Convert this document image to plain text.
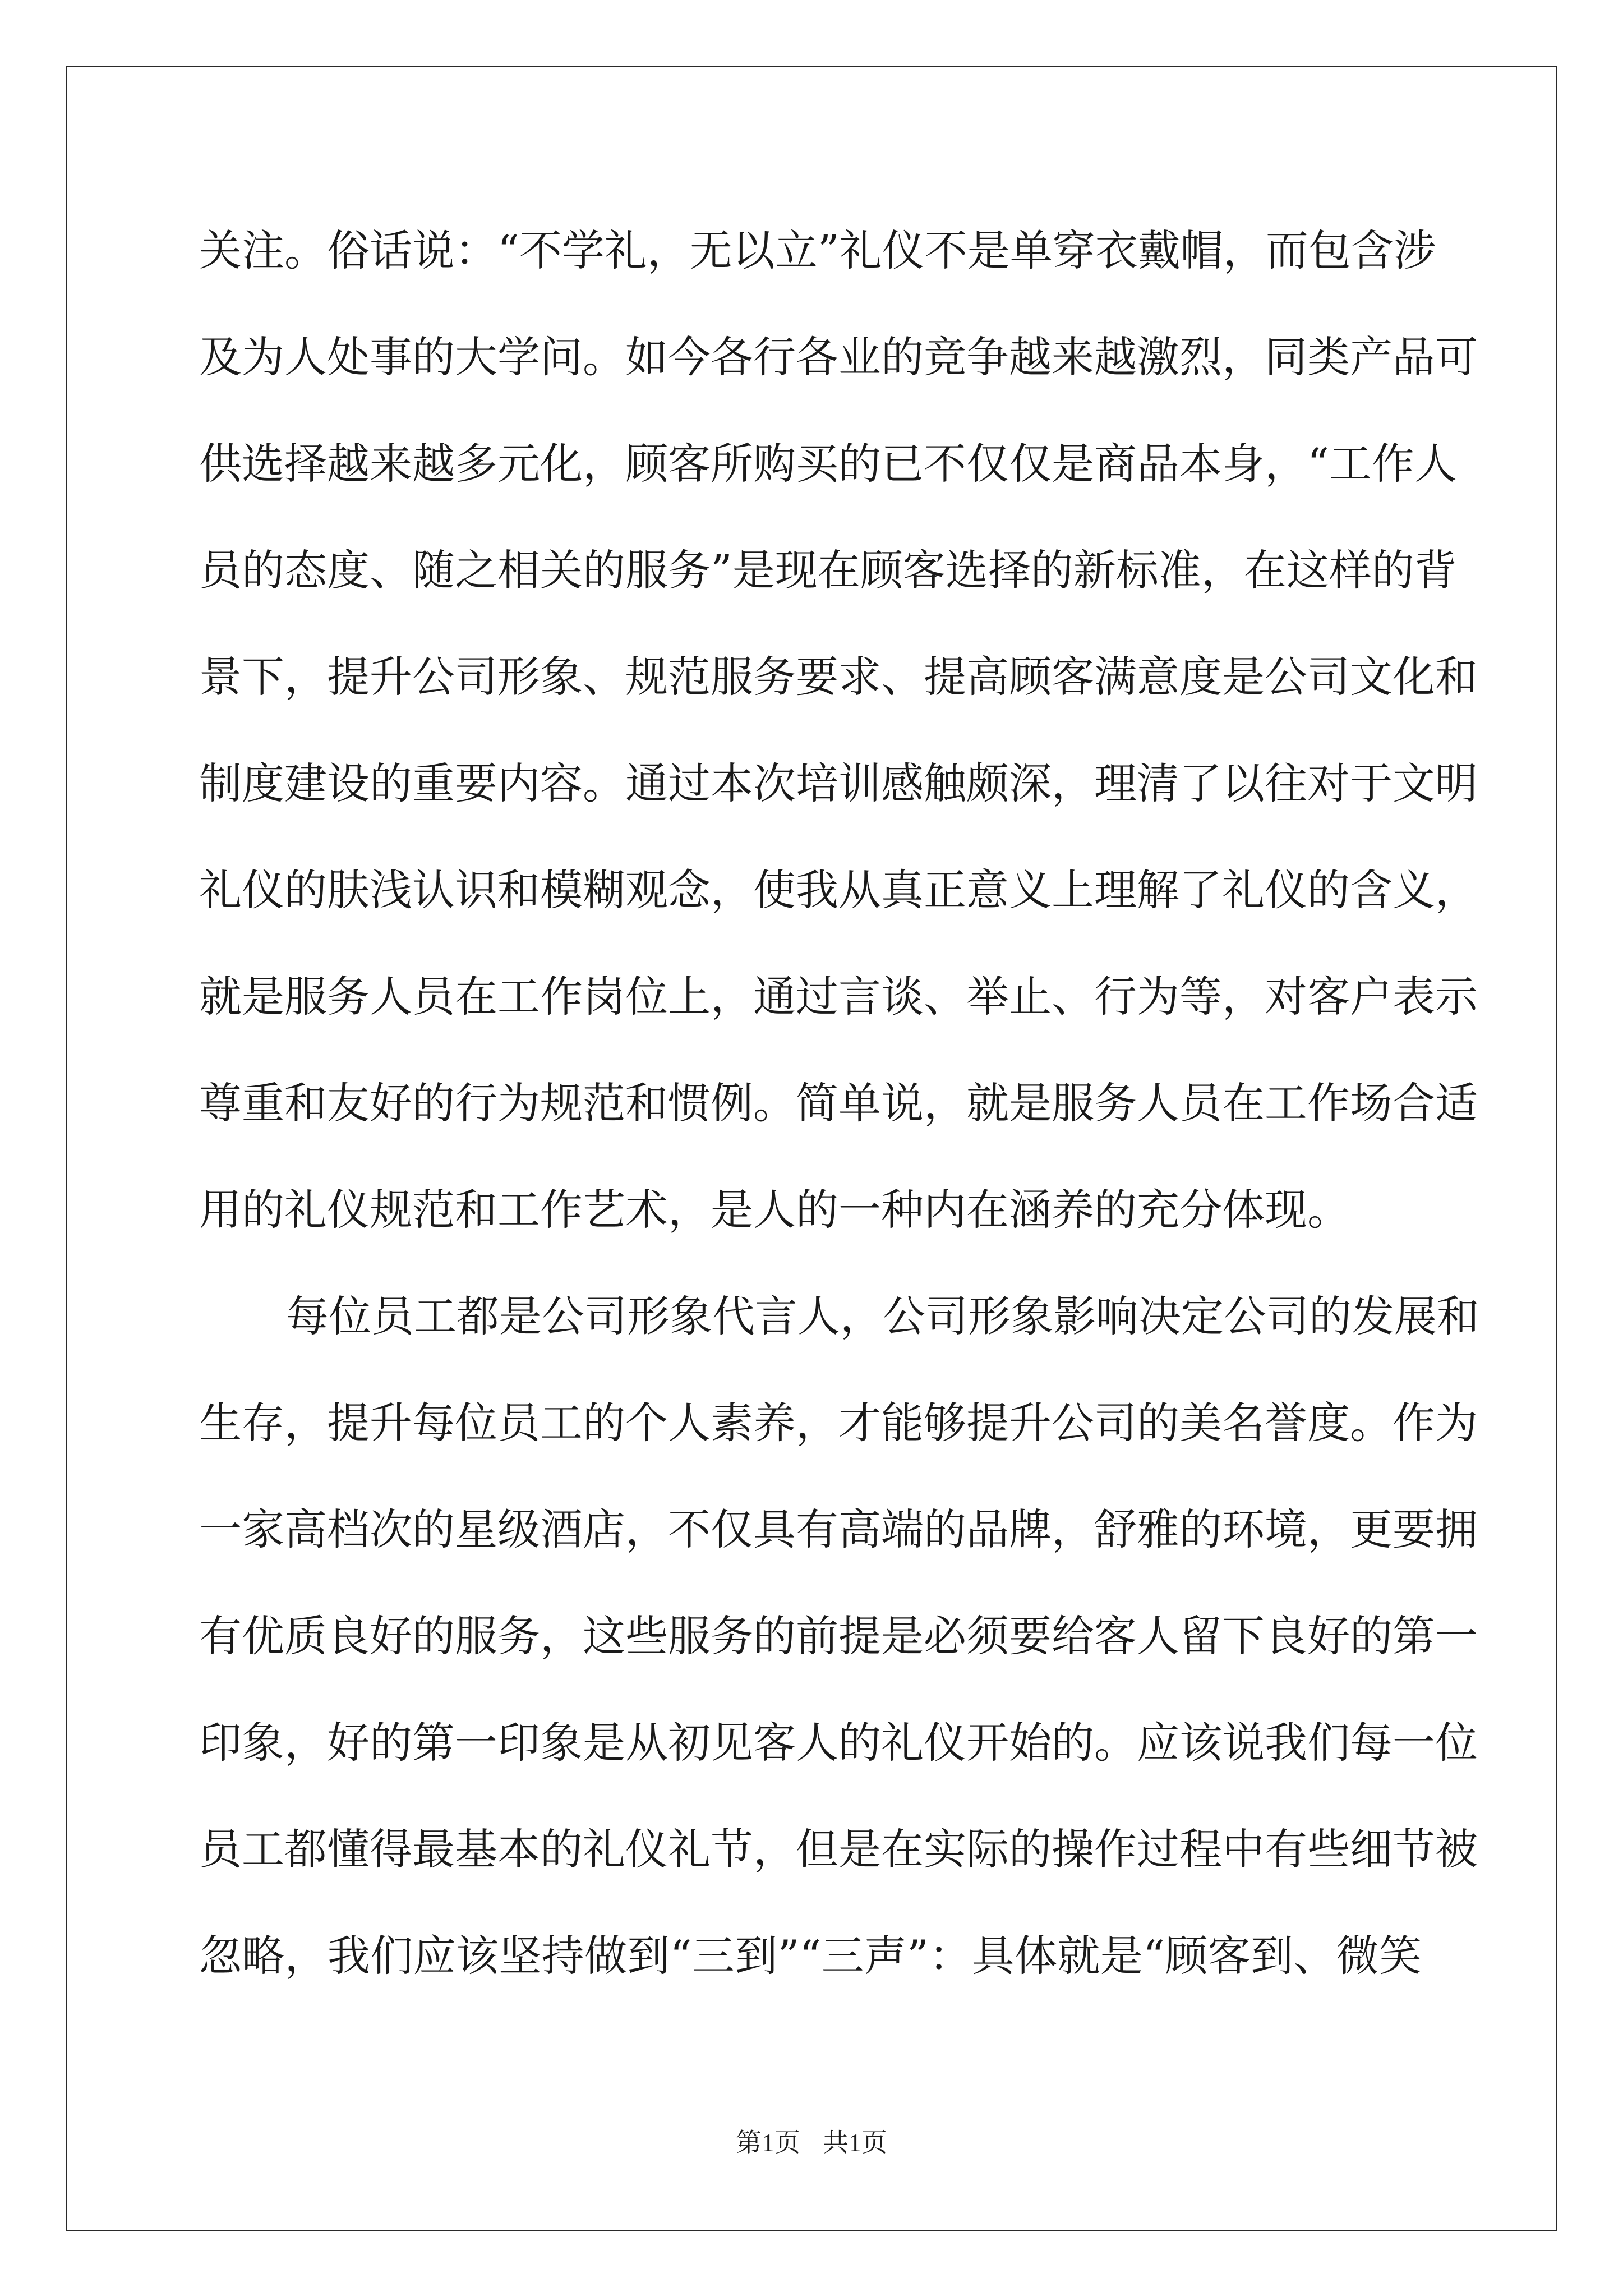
关注。俗话说：“不学礼，无以立”礼仪不是单穿衣戴帽，而包含涉
及为人处事的大学问。如今各行各业的竞争越来越激烈，同类产品可
供选择越来越多元化，顾客所购买的已不仅仅是商品本身，“工作人
员的态度、随之相关的服务”是现在顾客选择的新标准，在这样的背
景下，提升公司形象、规范服务要求、提高顾客满意度是公司文化和
制度建设的重要内容。通过本次培训感触颇深，理清了以往对于文明
礼仪的肤浅认识和模糊观念，使我从真正意义上理解了礼仪的含义，
就是服务人员在工作岗位上，通过言谈、举止、行为等，对客户表示
尊重和友好的行为规范和惯例。简单说，就是服务人员在工作场合适
用的礼仪规范和工作艺术，是人的一种内在涵养的充分体现。
每位员工都是公司形象代言人，公司形象影响决定公司的发展和
生存，提升每位员工的个人素养，才能够提升公司的美名誉度。作为
一家高档次的星级酒店，不仅具有高端的品牌，舒雅的环境，更要拥
有优质良好的服务，这些服务的前提是必须要给客人留下良好的第一
印象，好的第一印象是从初见客人的礼仪开始的。应该说我们每一位
员工都懂得最基本的礼仪礼节，但是在实际的操作过程中有些细节被
忽略，我们应该坚持做到“三到”“三声”：具体就是“顾客到、微笑
第1页 共1页
